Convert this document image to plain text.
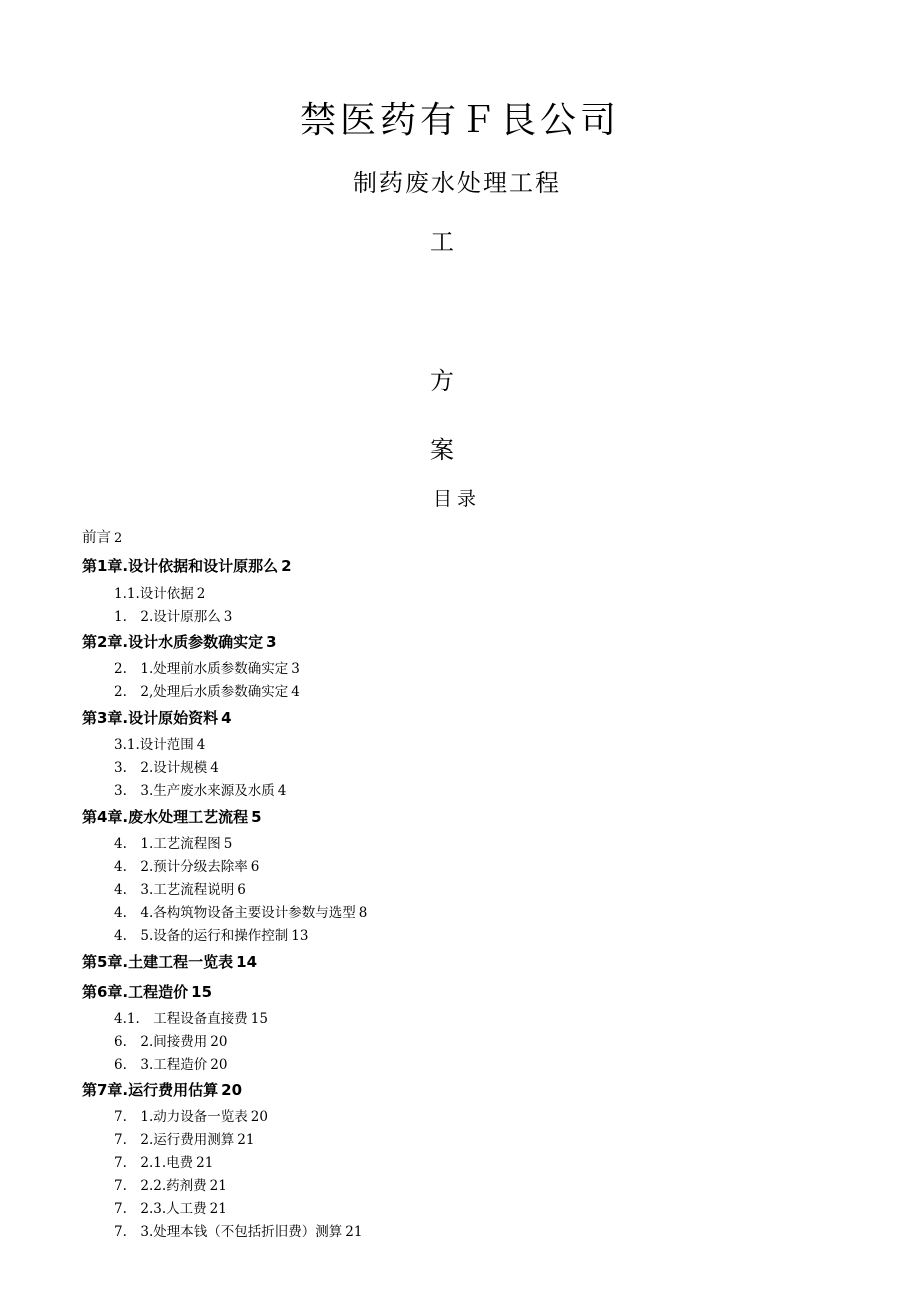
禁医药有Ｆ艮公司
制药废水处理工程
工
方
案
目录
前言 2
第1章.设计依据和设计原那么 2
1.1.设计依据 2
1.　2.设计原那么 3
第2章.设计水质参数确实定 3
2.　1.处理前水质参数确实定 3
2.　2,处理后水质参数确实定 4
第3章.设计原始资料 4
3.1.设计范围 4
3.　2.设计规模 4
3.　3.生产废水来源及水质 4
第4章.废水处理工艺流程 5
4.　1.工艺流程图 5
4.　2.预计分级去除率 6
4.　3.工艺流程说明 6
4.　4.各构筑物设备主要设计参数与选型 8
4.　5.设备的运行和操作控制 13
第5章.土建工程一览表 14
第6章.工程造价 15
4.1.　工程设备直接费 15
6.　2.间接费用 20
6.　3.工程造价 20
第7章.运行费用估算 20
7.　1.动力设备一览表 20
7.　2.运行费用测算 21
7.　2.1.电费 21
7.　2.2.药剂费 21
7.　2.3.人工费 21
7.　3.处理本钱（不包括折旧费）测算 21
